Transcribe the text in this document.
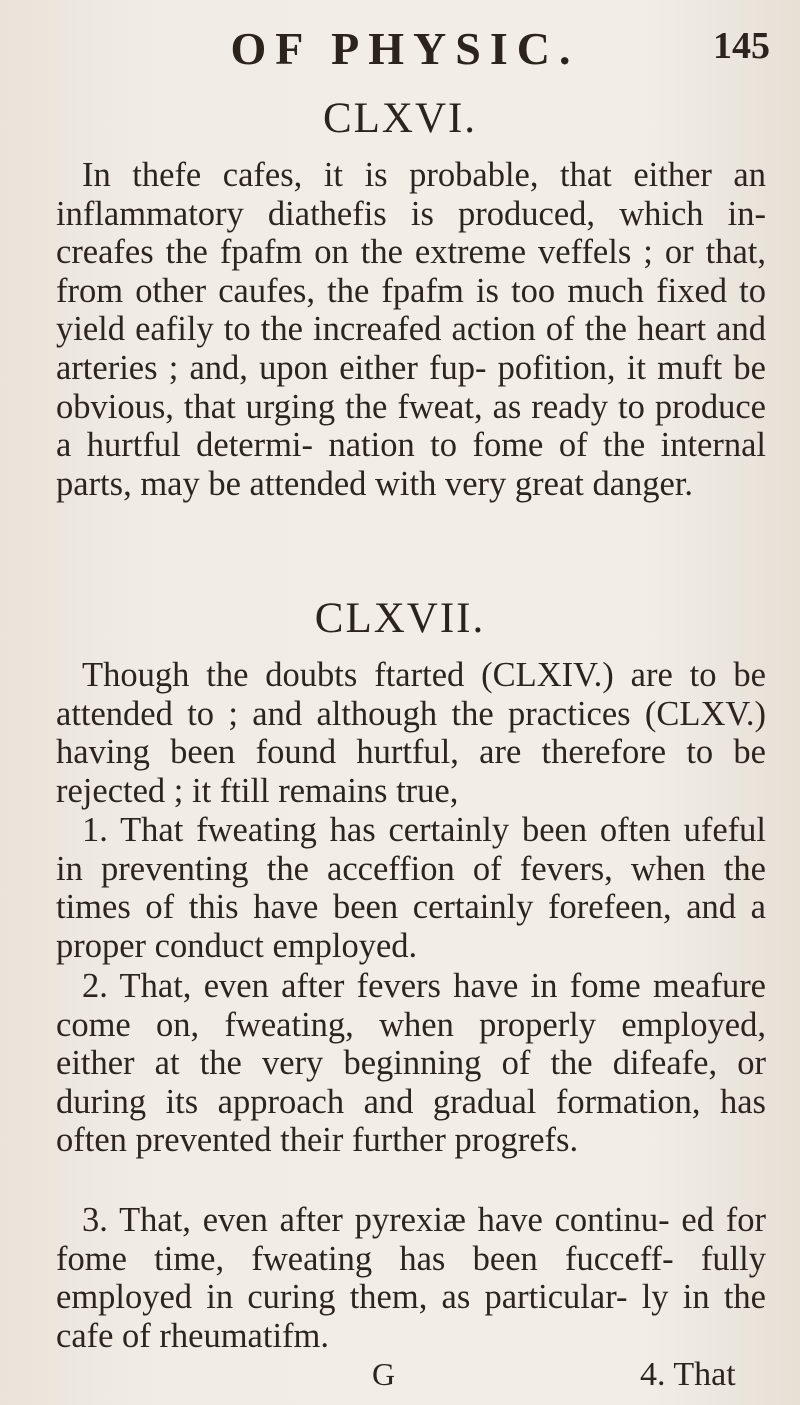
OF PHYSIC.	145
CLXVI.
In thefe cafes, it is probable, that either an inflammatory diathefis is produced, which in- creafes the fpafm on the extreme veffels ; or that, from other caufes, the fpafm is too much fixed to yield eafily to the increafed action of the heart and arteries ; and, upon either fup- pofition, it muft be obvious, that urging the fweat, as ready to produce a hurtful determi- nation to fome of the internal parts, may be attended with very great danger.
CLXVII.
Though the doubts ftarted (CLXIV.) are to be attended to ; and although the practices (CLXV.) having been found hurtful, are therefore to be rejected ; it ftill remains true,
1. That fweating has certainly been often ufeful in preventing the acceffion of fevers, when the times of this have been certainly forefeen, and a proper conduct employed.
2. That, even after fevers have in fome meafure come on, fweating, when properly employed, either at the very beginning of the difeafe, or during its approach and gradual formation, has often prevented their further progrefs.
3. That, even after pyrexiæ have continu- ed for fome time, fweating has been fucceff- fully employed in curing them, as particular- ly in the cafe of rheumatifm.
G	4. That
